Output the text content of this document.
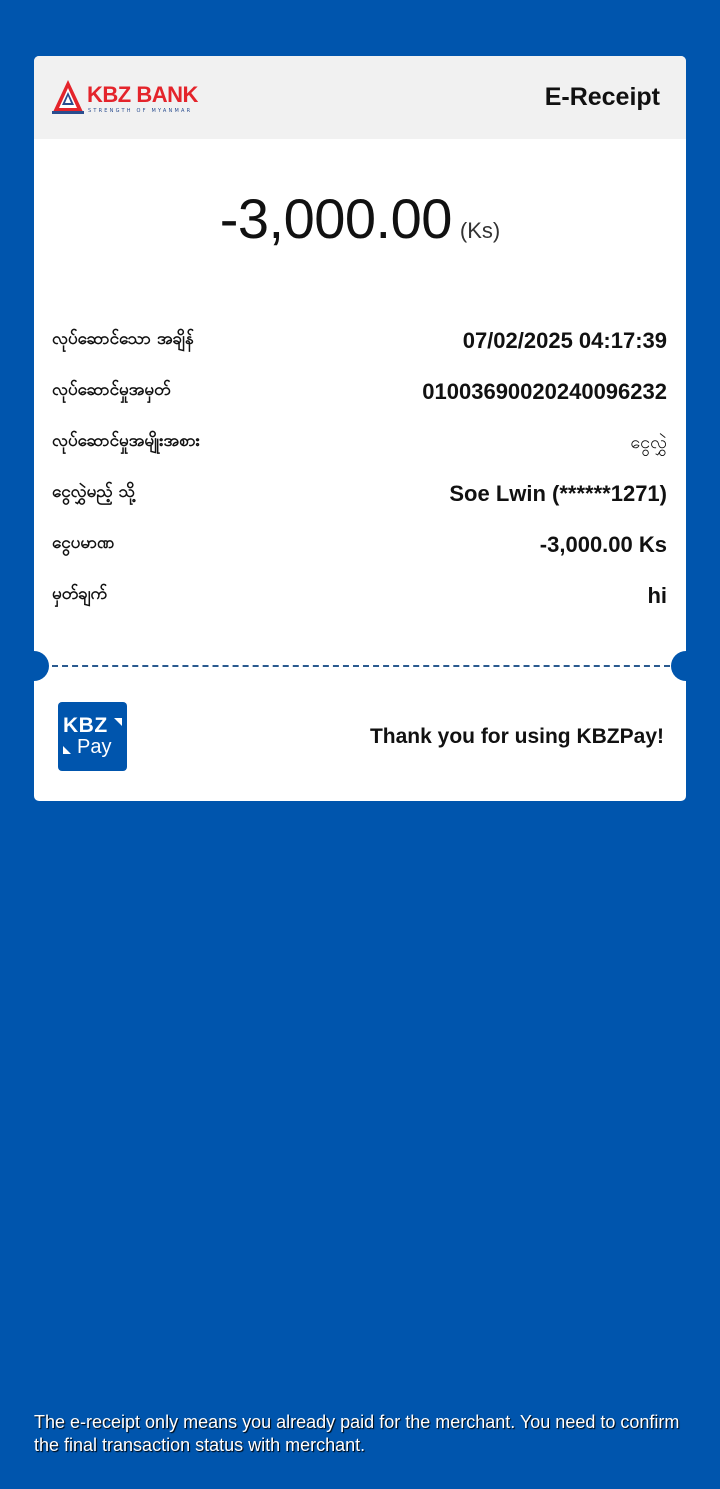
KBZ BANK
STRENGTH OF MYANMAR	E-Receipt
-3,000.00 (Ks)
လုပ်ဆောင်သော အချိန်	07/02/2025 04:17:39
လုပ်ဆောင်မှုအမှတ်	01003690020240096232
လုပ်ဆောင်မှုအမျိုးအစား	ငွေလွှဲ
ငွေလွှဲမည့် သို့	Soe Lwin (******1271)
ငွေပမာဏ	-3,000.00 Ks
မှတ်ချက်	hi
KBZ
Pay	Thank you for using KBZPay!
The e-receipt only means you already paid for the merchant. You need to confirm the final transaction status with merchant.
